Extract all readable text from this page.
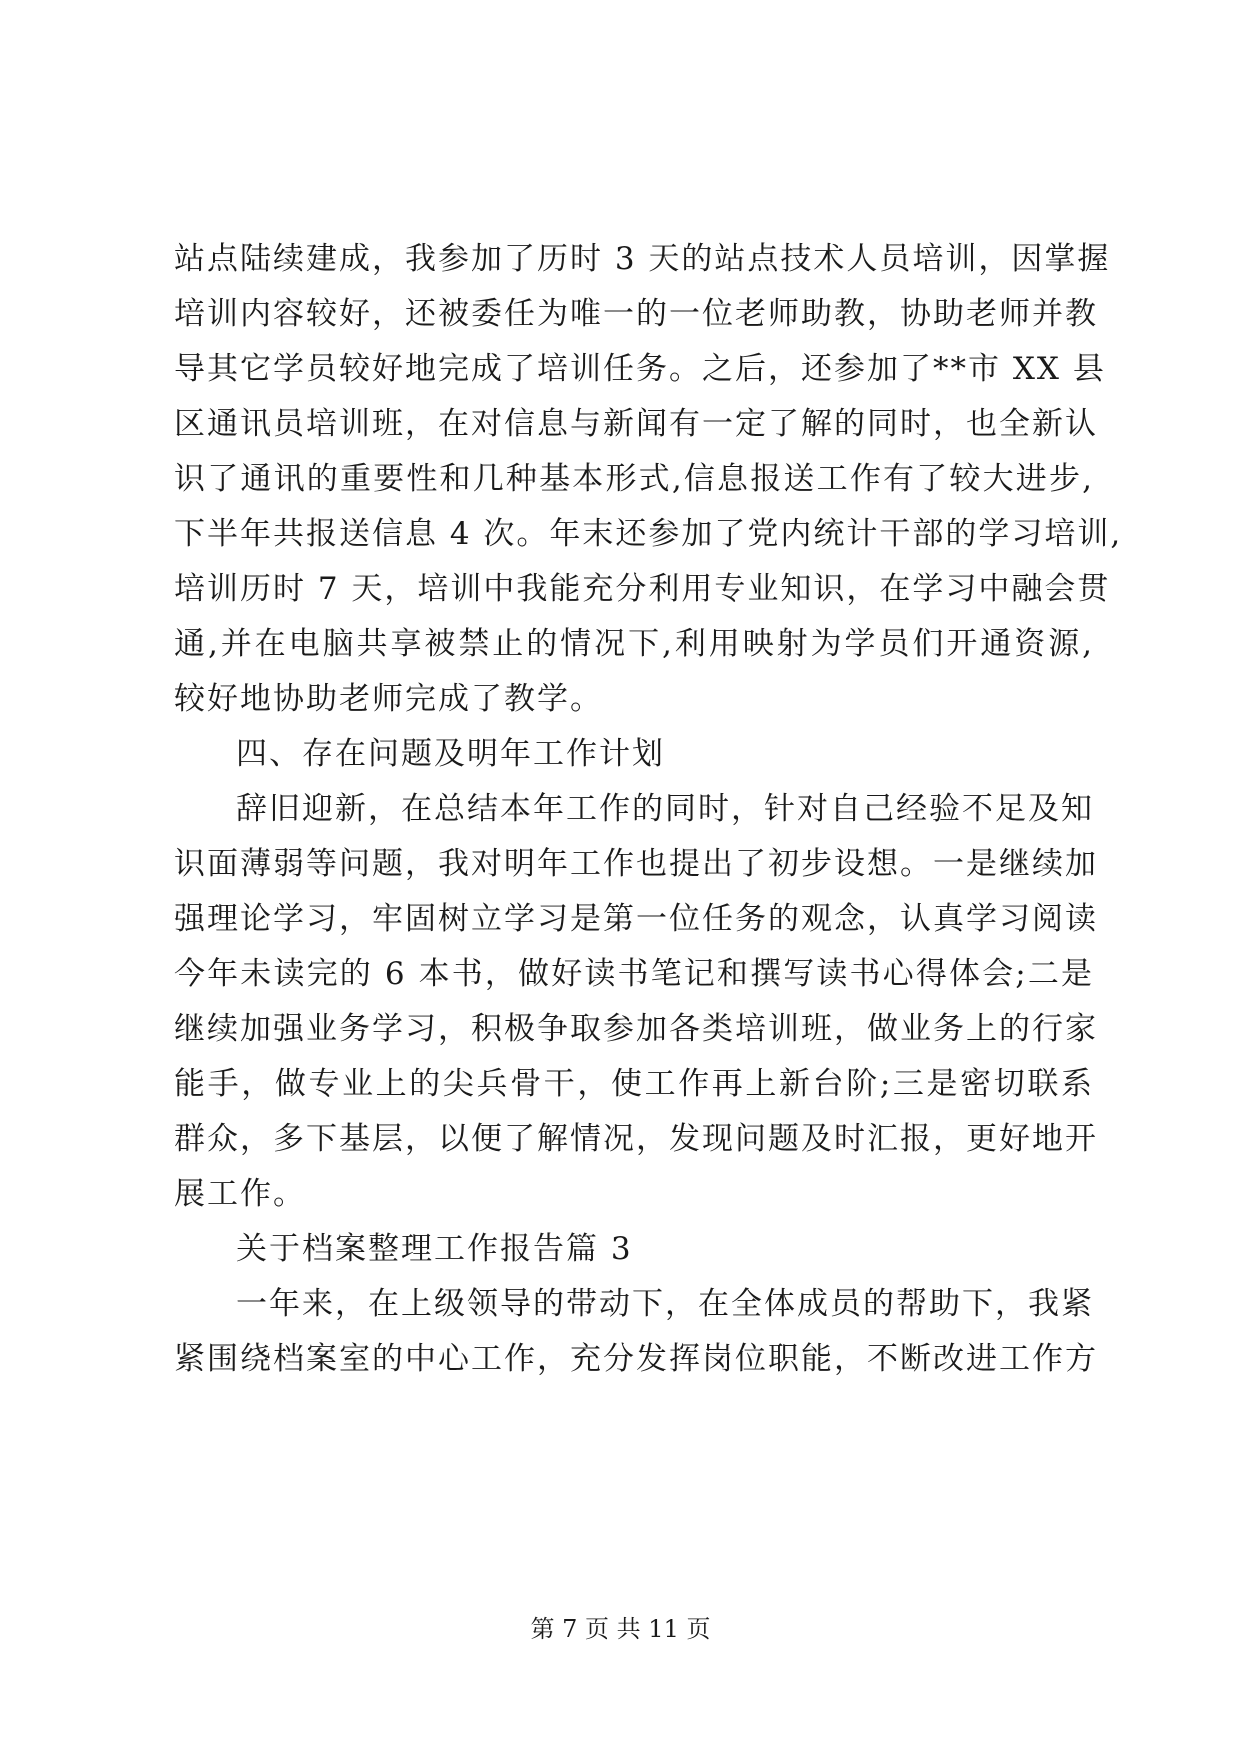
站点陆续建成，我参加了历时 3 天的站点技术人员培训，因掌握
培训内容较好，还被委任为唯一的一位老师助教，协助老师并教
导其它学员较好地完成了培训任务。之后，还参加了**市 XX 县
区通讯员培训班，在对信息与新闻有一定了解的同时，也全新认
识了通讯的重要性和几种基本形式,信息报送工作有了较大进步,
下半年共报送信息 4 次。年末还参加了党内统计干部的学习培训,
培训历时 7 天，培训中我能充分利用专业知识，在学习中融会贯
通,并在电脑共享被禁止的情况下,利用映射为学员们开通资源,
较好地协助老师完成了教学。
四、存在问题及明年工作计划
辞旧迎新，在总结本年工作的同时，针对自己经验不足及知
识面薄弱等问题，我对明年工作也提出了初步设想。一是继续加
强理论学习，牢固树立学习是第一位任务的观念，认真学习阅读
今年未读完的 6 本书，做好读书笔记和撰写读书心得体会;二是
继续加强业务学习，积极争取参加各类培训班，做业务上的行家
能手，做专业上的尖兵骨干，使工作再上新台阶;三是密切联系
群众，多下基层，以便了解情况，发现问题及时汇报，更好地开
展工作。
关于档案整理工作报告篇 3
一年来，在上级领导的带动下，在全体成员的帮助下，我紧
紧围绕档案室的中心工作，充分发挥岗位职能，不断改进工作方
第 7 页 共 11 页
